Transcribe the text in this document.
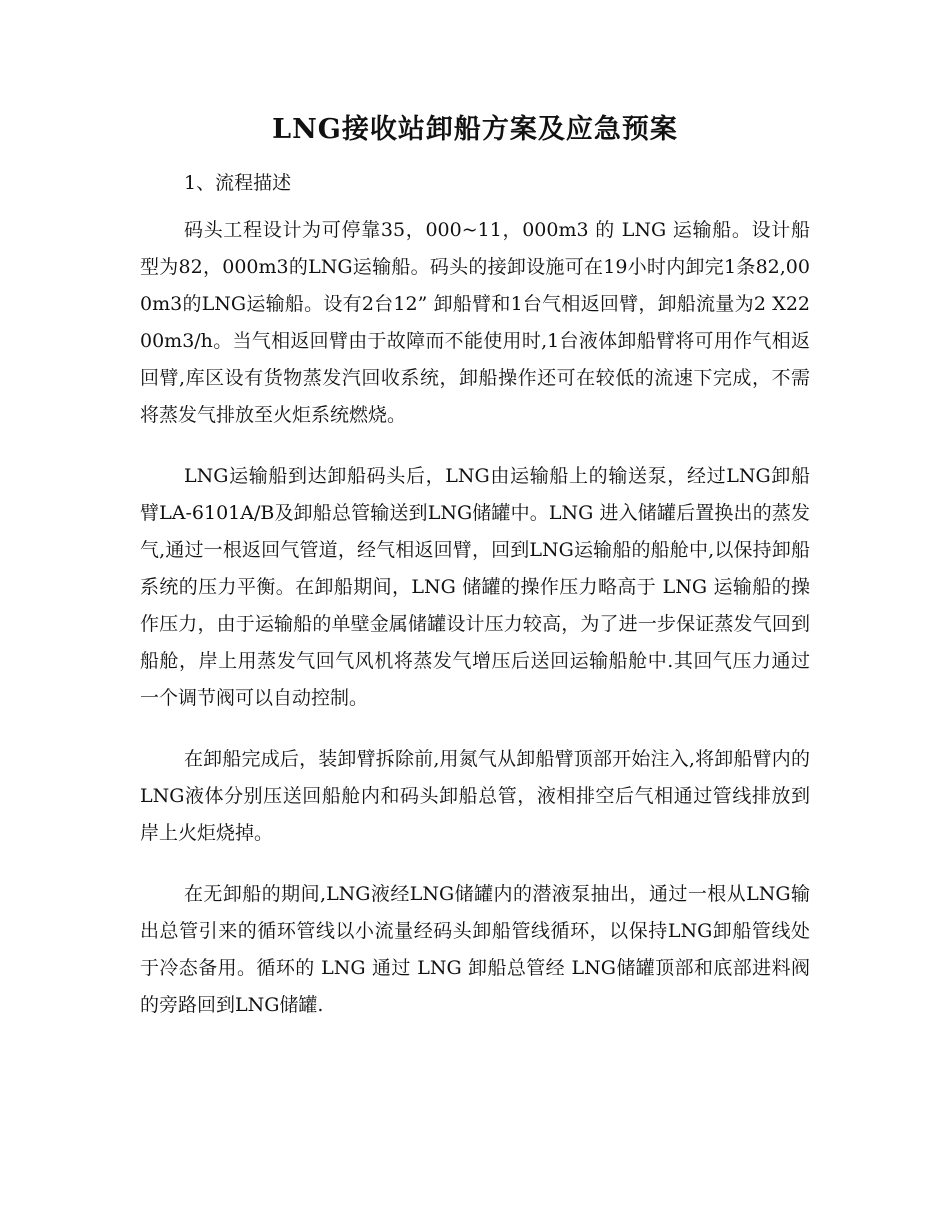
LNG接收站卸船方案及应急预案
1、流程描述

码头工程设计为可停靠35，000~11，000m3 的 LNG 运输船。设计船型为82，000m3的LNG运输船。码头的接卸设施可在19小时内卸完1条82,000m3的LNG运输船。设有2台12” 卸船臂和1台气相返回臂，卸船流量为2 X2200m3/h。当气相返回臂由于故障而不能使用时,1台液体卸船臂将可用作气相返回臂,库区设有货物蒸发汽回收系统，卸船操作还可在较低的流速下完成，不需将蒸发气排放至火炬系统燃烧。

LNG运输船到达卸船码头后，LNG由运输船上的输送泵，经过LNG卸船臂LA-6101A/B及卸船总管输送到LNG储罐中。LNG 进入储罐后置换出的蒸发气,通过一根返回气管道，经气相返回臂，回到LNG运输船的船舱中,以保持卸船系统的压力平衡。在卸船期间，LNG 储罐的操作压力略高于 LNG 运输船的操作压力，由于运输船的单壁金属储罐设计压力较高，为了进一步保证蒸发气回到船舱，岸上用蒸发气回气风机将蒸发气增压后送回运输船舱中.其回气压力通过一个调节阀可以自动控制。

在卸船完成后，装卸臂拆除前,用氮气从卸船臂顶部开始注入,将卸船臂内的LNG液体分别压送回船舱内和码头卸船总管，液相排空后气相通过管线排放到岸上火炬烧掉。

在无卸船的期间,LNG液经LNG储罐内的潜液泵抽出，通过一根从LNG输出总管引来的循环管线以小流量经码头卸船管线循环，以保持LNG卸船管线处于冷态备用。循环的 LNG 通过 LNG 卸船总管经 LNG储罐顶部和底部进料阀的旁路回到LNG储罐.
